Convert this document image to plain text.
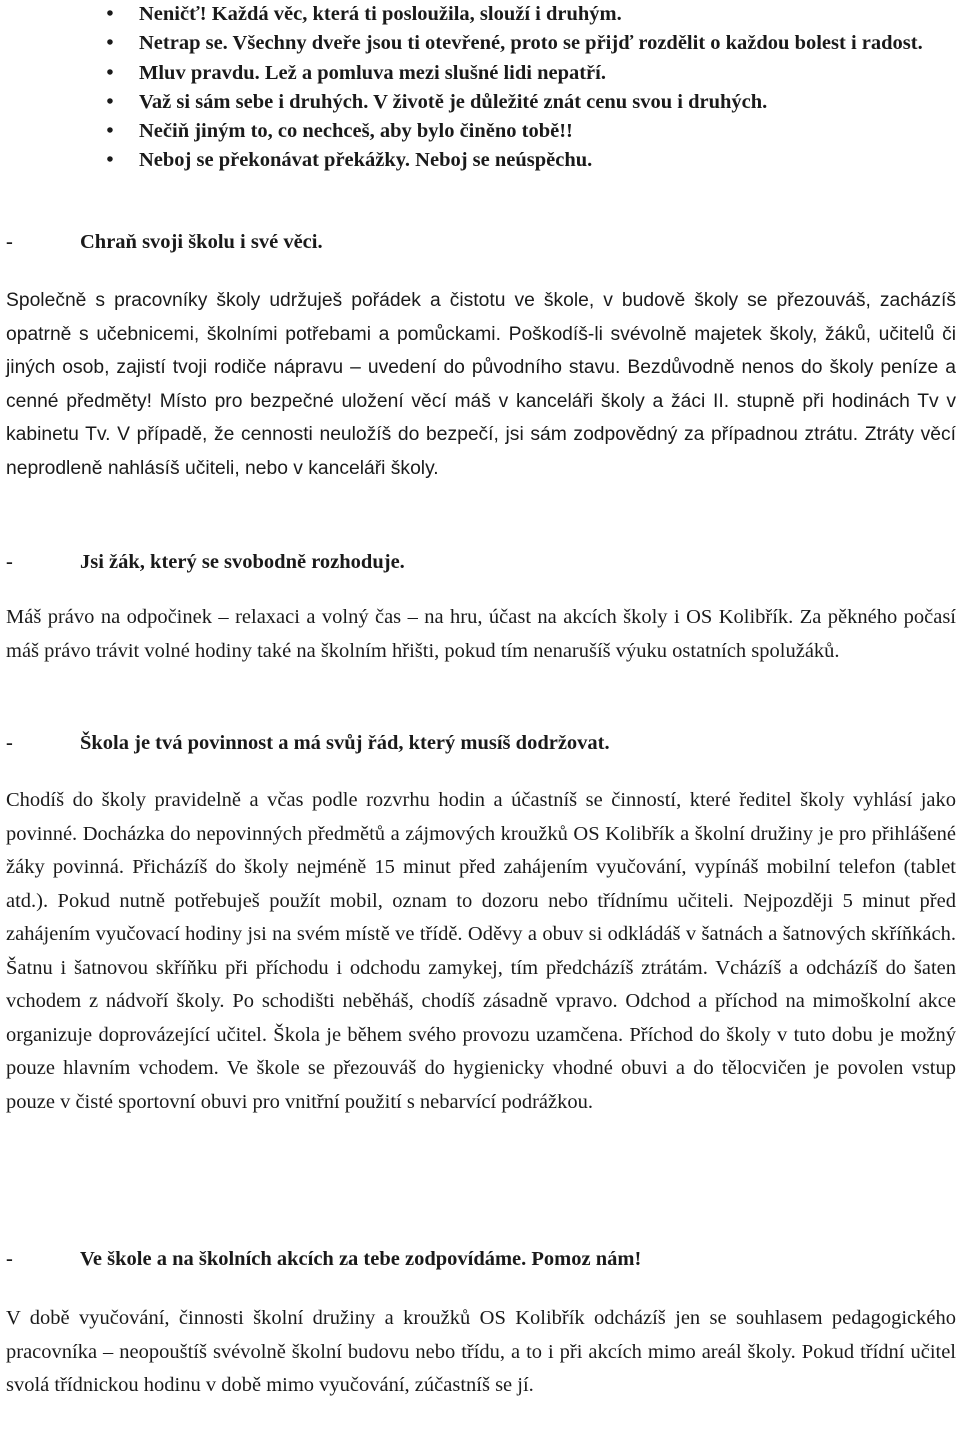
• Neničť! Každá věc, která ti posloužila, slouží i druhým.
•	Netrap se. Všechny dveře jsou ti otevřené, proto se přijď rozdělit o každou bolest i radost.
• Mluv pravdu. Lež a pomluva mezi slušné lidi nepatří.
• Važ si sám sebe i druhých. V životě je důležité znát cenu svou i druhých.
• Nečiň jiným to, co nechceš, aby bylo činěno tobě!!
• Neboj se překonávat překážky. Neboj se neúspěchu.
-	Chraň svoji školu i své věci.
Společně s pracovníky školy udržuješ pořádek a čistotu ve škole, v budově školy se přezouváš, zacházíš opatrně s učebnicemi, školními potřebami a pomůckami. Poškodíš-li svévolně majetek školy, žáků, učitelů či jiných osob, zajistí tvoji rodiče nápravu – uvedení do původního stavu. Bezdůvodně nenos do školy peníze a cenné předměty! Místo pro bezpečné uložení věcí máš v kanceláři školy a žáci II. stupně při hodinách Tv v kabinetu Tv. V případě, že cennosti neuložíš do bezpečí, jsi sám zodpovědný za případnou ztrátu. Ztráty věcí neprodleně nahlásíš učiteli, nebo v kanceláři školy.
-	Jsi žák, který se svobodně rozhoduje.
Máš právo na odpočinek – relaxaci a volný čas – na hru, účast na akcích školy i OS Kolibřík. Za pěkného počasí máš právo trávit volné hodiny také na školním hřišti, pokud tím nenarušíš výuku ostatních spolužáků.
-	Škola je tvá povinnost a má svůj řád, který musíš dodržovat.
Chodíš do školy pravidelně a včas podle rozvrhu hodin a účastníš se činností, které ředitel školy vyhlásí jako povinné. Docházka do nepovinných předmětů a zájmových kroužků OS Kolibřík a školní družiny je pro přihlášené žáky povinná. Přicházíš do školy nejméně 15 minut před zahájením vyučování, vypínáš mobilní telefon (tablet atd.). Pokud nutně potřebuješ použít mobil, oznam to dozoru nebo třídnímu učiteli. Nejpozději 5 minut před zahájením vyučovací hodiny jsi na svém místě ve třídě. Oděvy a obuv si odkládáš v šatnách a šatnových skříňkách. Šatnu i šatnovou skříňku při příchodu i odchodu zamykej, tím předcházíš ztrátám. Vcházíš a odcházíš do šaten vchodem z nádvoří školy. Po schodišti neběháš, chodíš zásadně vpravo. Odchod a příchod na mimoškolní akce organizuje doprovázející učitel. Škola je během svého provozu uzamčena. Příchod do školy v tuto dobu je možný pouze hlavním vchodem. Ve škole se přezouváš do hygienicky vhodné obuvi a do tělocvičen je povolen vstup pouze v čisté sportovní obuvi pro vnitřní použití s nebarvící podrážkou.
-	Ve škole a na školních akcích za tebe zodpovídáme. Pomoz nám!
V době vyučování, činnosti školní družiny a kroužků OS Kolibřík odcházíš jen se souhlasem pedagogického pracovníka – neopouštíš svévolně školní budovu nebo třídu, a to i při akcích mimo areál školy. Pokud třídní učitel svolá třídnickou hodinu v době mimo vyučování, zúčastníš se jí.
